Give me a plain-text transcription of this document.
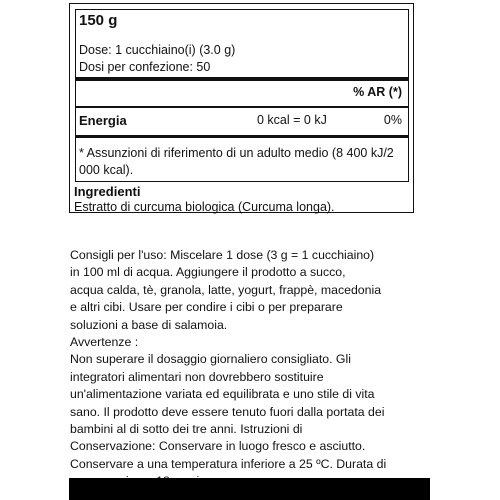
150 g
Dose: 1 cucchiaino(i) (3.0 g)
Dosi per confezione: 50
% AR (*)
Energia	0 kcal = 0 kJ	0%
* Assunzioni di riferimento di un adulto medio (8 400 kJ/2 000 kcal).
Ingredienti
Estratto di curcuma biologica (Curcuma longa).
Consigli per l'uso: Miscelare 1 dose (3 g = 1 cucchiaino)
in 100 ml di acqua. Aggiungere il prodotto a succo,
acqua calda, tè, granola, latte, yogurt, frappè, macedonia
e altri cibi. Usare per condire i cibi o per preparare
soluzioni a base di salamoia.
Avvertenze :
Non superare il dosaggio giornaliero consigliato. Gli
integratori alimentari non dovrebbero sostituire
un'alimentazione variata ed equilibrata e uno stile di vita
sano. Il prodotto deve essere tenuto fuori dalla portata dei
bambini al di sotto dei tre anni. Istruzioni di
Conservazione: Conservare in luogo fresco e asciutto.
Conservare a una temperatura inferiore a 25 ºC. Durata di
